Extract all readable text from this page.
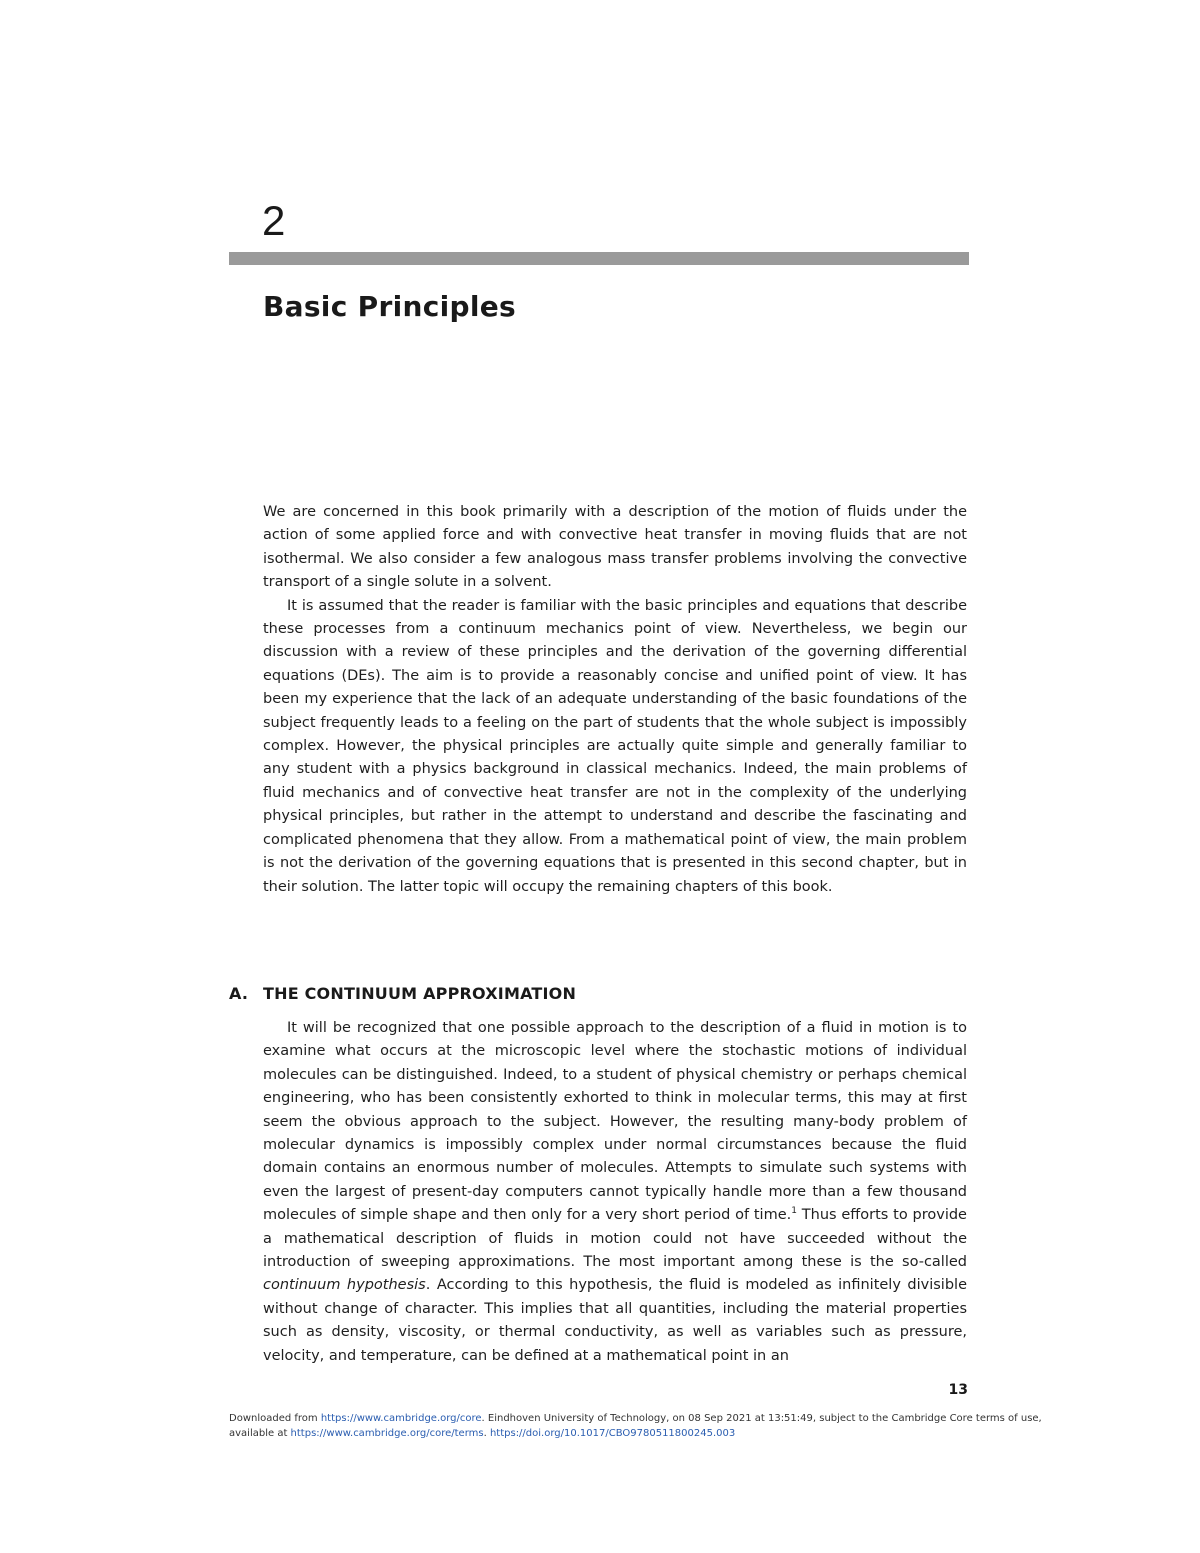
2
Basic Principles

We are concerned in this book primarily with a description of the motion of fluids under the action of some applied force and with convective heat transfer in moving fluids that are not isothermal. We also consider a few analogous mass transfer problems involving the convective transport of a single solute in a solvent.

It is assumed that the reader is familiar with the basic principles and equations that describe these processes from a continuum mechanics point of view. Nevertheless, we begin our discussion with a review of these principles and the derivation of the governing differential equations (DEs). The aim is to provide a reasonably concise and unified point of view. It has been my experience that the lack of an adequate understanding of the basic foundations of the subject frequently leads to a feeling on the part of students that the whole subject is impossibly complex. However, the physical principles are actually quite simple and generally familiar to any student with a physics background in classical mechanics. Indeed, the main problems of fluid mechanics and of convective heat transfer are not in the complexity of the underlying physical principles, but rather in the attempt to understand and describe the fascinating and complicated phenomena that they allow. From a mathematical point of view, the main problem is not the derivation of the governing equations that is presented in this second chapter, but in their solution. The latter topic will occupy the remaining chapters of this book.

A. THE CONTINUUM APPROXIMATION

It will be recognized that one possible approach to the description of a fluid in motion is to examine what occurs at the microscopic level where the stochastic motions of individual molecules can be distinguished. Indeed, to a student of physical chemistry or perhaps chemical engineering, who has been consistently exhorted to think in molecular terms, this may at first seem the obvious approach to the subject. However, the resulting many-body problem of molecular dynamics is impossibly complex under normal circumstances because the fluid domain contains an enormous number of molecules. Attempts to simulate such systems with even the largest of present-day computers cannot typically handle more than a few thousand molecules of simple shape and then only for a very short period of time.$^1$ Thus efforts to provide a mathematical description of fluids in motion could not have succeeded without the introduction of sweeping approximations. The most important among these is the so-called continuum hypothesis. According to this hypothesis, the fluid is modeled as infinitely divisible without change of character. This implies that all quantities, including the material properties such as density, viscosity, or thermal conductivity, as well as variables such as pressure, velocity, and temperature, can be defined at a mathematical point in an

13
Downloaded from https://www.cambridge.org/core. Eindhoven University of Technology, on 08 Sep 2021 at 13:51:49, subject to the Cambridge Core terms of use, available at https://www.cambridge.org/core/terms. https://doi.org/10.1017/CBO9780511800245.003
